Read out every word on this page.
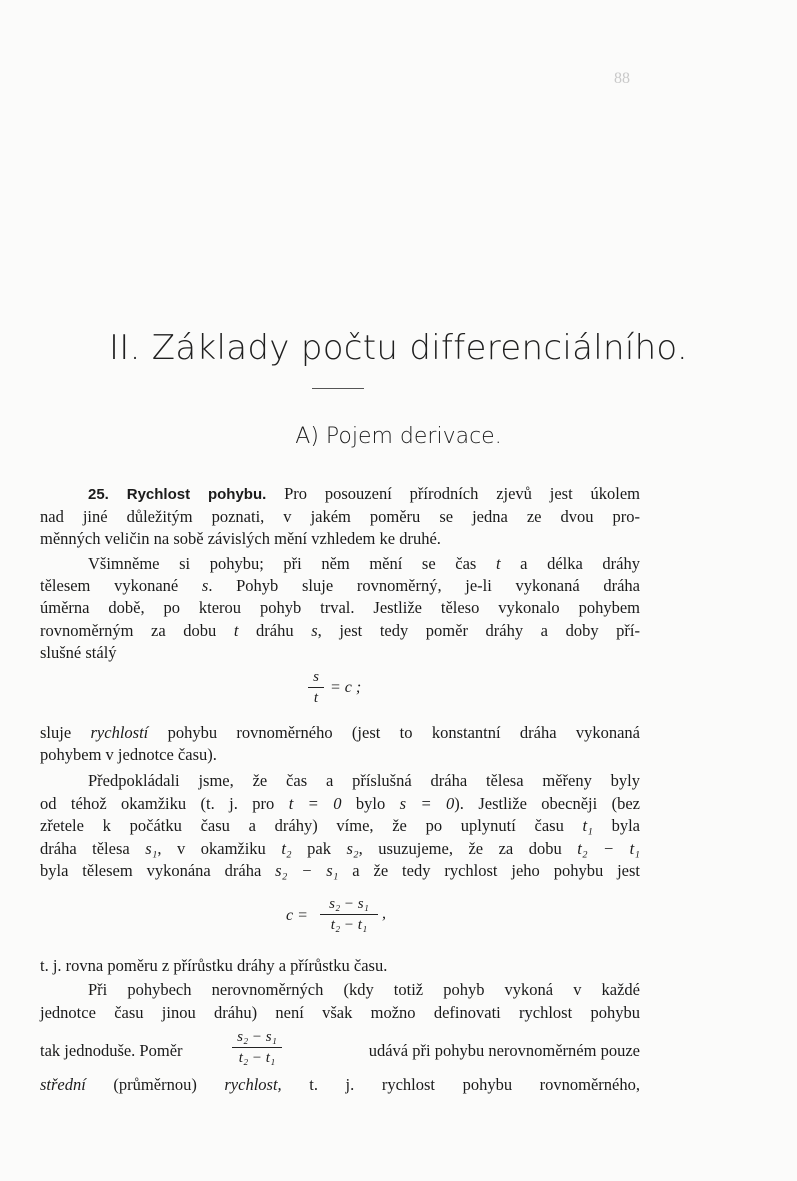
88
II. Základy počtu differenciálního.
A) Pojem derivace.
25. Rychlost pohybu. Pro posouzení přírodních zjevů jest úkolem
nad jiné důležitým poznati, v jakém poměru se jedna ze dvou pro-
měnných veličin na sobě závislých mění vzhledem ke druhé.
Všimněme si pohybu; při něm mění se čas t a délka dráhy
tělesem vykonané s. Pohyb sluje rovnoměrný, je-li vykonaná dráha
úměrna době, po kterou pohyb trval. Jestliže těleso vykonalo pohybem
rovnoměrným za dobu t dráhu s, jest tedy poměr dráhy a doby pří-
slušné stálý
s
t
= c ;
sluje rychlostí pohybu rovnoměrného (jest to konstantní dráha vykonaná
pohybem v jednotce času).
Předpokládali jsme, že čas a příslušná dráha tělesa měřeny byly
od téhož okamžiku (t. j. pro t = 0 bylo s = 0). Jestliže obecněji (bez
zřetele k počátku času a dráhy) víme, že po uplynutí času t₁ byla
dráha tělesa s₁, v okamžiku t₂ pak s₂, usuzujeme, že za dobu t₂ − t₁
byla tělesem vykonána dráha s₂ − s₁ a že tedy rychlost jeho pohybu jest
c =
s₂ − s₁
t₂ − t₁
,
t. j. rovna poměru z přírůstku dráhy a přírůstku času.
Při pohybech nerovnoměrných (kdy totiž pohyb vykoná v každé
jednotce času jinou dráhu) není však možno definovati rychlost pohybu
tak jednoduše. Poměr
s₂ − s₁
t₂ − t₁	udává při pohybu nerovnoměrném pouze
střední (průměrnou) rychlost, t. j. rychlost pohybu rovnoměrného,
